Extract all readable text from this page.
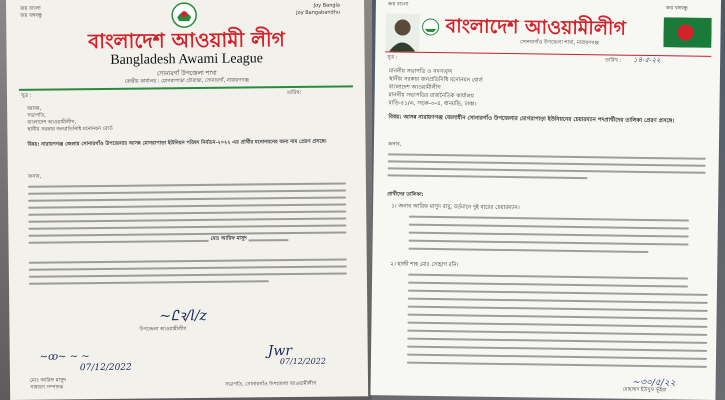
জয় বাংলা
জয় বঙ্গবন্ধু
Joy Bangla
Joy Bangabandhu
বাংলাদেশ আওয়ামী লীগ
Bangladesh Awami League
সোনারগাঁ উপজেলা শাখা
কেন্দ্রীয় কার্যালয় : মোগরাপাড়া চৌরাস্তা, সোনারগাঁ, নারায়ণগঞ্জ
সূত্র :	তারিখ:
বরাবর,
সভাপতি,
বাংলাদেশ আওয়ামীলীগ,
স্থানীয় সরকার জনপ্রতিনিধি মনোনয়ন বোর্ড
বিষয়: নারায়ণগঞ্জ জেলার সোনারগাঁও উপজেলার আসন্ন মোগরাপাড়া ইউনিয়ন পরিষদ নির্বাচন-২০২২ এর প্রার্থীর মনোনয়নের জন্য নাম প্রেরণ প্রসঙ্গে।
জনাব,
মোঃ আরিফ মাসুদ
~Ꮭꝛ/l/z
উপজেলা আওয়ামীলীগ
~ꝏ~ ~ ~
07/12/2022
মোঃ আরিফ মাসুদ
সাধারণ সম্পাদক
Jwr
07/12/2022
সভাপতি, সোনারগাঁও উপজেলা আওয়ামীলীগ
জয় বাংলা
জয় বঙ্গবন্ধু
বাংলাদেশ আওয়ামীলীগ
সোনারগাঁও উপজেলা শাখা, নারায়ণগঞ্জ
সূত্র :	তারিখ : ১৪-৫-২২
মাননীয় সভাপতি ও সদস্যবৃন্দ
স্থানীয় সরকার জনপ্রতিনিধি মনোনয়ন বোর্ড
বাংলাদেশ আওয়ামীলীগ
মাননীয় সভাপতির রাজনৈতিক কার্যালয়
বাড়ি-৫১/এ, সড়ক-৩-এ, ধানমন্ডি, ঢাকা।
বিষয়: আসন্ন নারায়ণগঞ্জ জেলাধীন সোনারগাঁও উপজেলার মোগরাপাড়া ইউনিয়নের চেয়ারম্যান পদপ্রার্থীদের তালিকা প্রেরণ প্রসঙ্গে।
জনাব,
প্রার্থীদের তালিকা:
১। জনাব আরিফ মাসুদ বাবু, বর্তমানে দুই বারের চেয়ারম্যান।
২। হাজী শাহ মোঃ সোহাগ রনি।
~৩০/৫/২২
মোহাম্মদ ইউসুফ ভূঁইয়া
